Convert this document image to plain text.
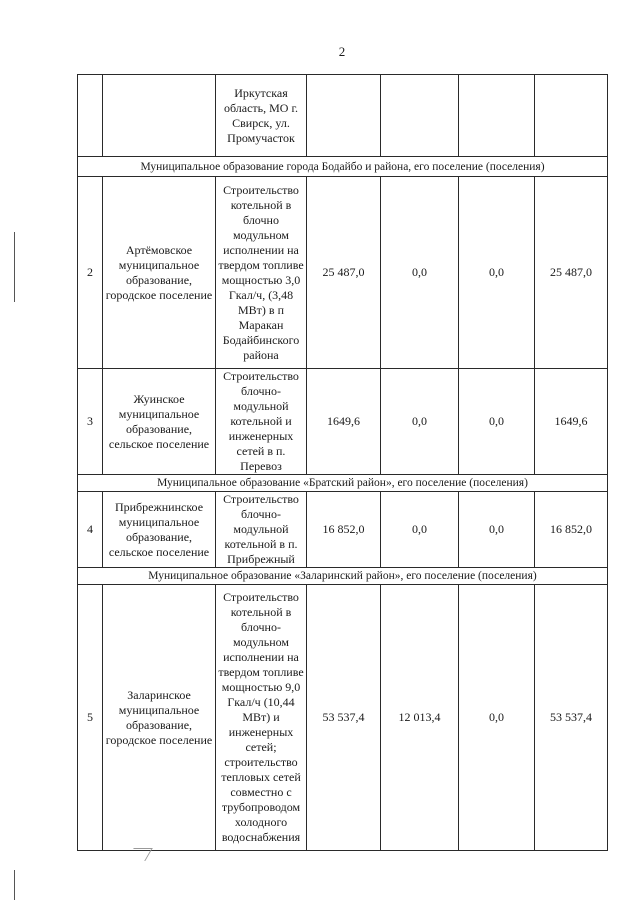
2
		Иркутская область, МО г. Свирск, ул. Промучасток				
Муниципальное образование города Бодайбо и района, его поселение (поселения)						
2	Артёмовское муниципальное образование, городское поселение	Строительство котельной в блочно модульном исполнении на твердом топливе мощностью 3,0 Гкал/ч, (3,48 МВт) в п Маракан Бодайбинского района	25 487,0	0,0	0,0	25 487,0
3	Жуинское муниципальное образование, сельское поселение	Строительство блочно-модульной котельной и инженерных сетей в п. Перевоз	1649,6	0,0	0,0	1649,6
Муниципальное образование «Братский район», его поселение (поселения)						
4	Прибрежнинское муниципальное образование, сельское поселение	Строительство блочно-модульной котельной в п. Прибрежный	16 852,0	0,0	0,0	16 852,0
Муниципальное образование «Заларинский район», его поселение (поселения)						
5	Заларинское муниципальное образование, городское поселение	Строительство котельной в блочно-модульном исполнении на твердом топливе мощностью 9,0 Гкал/ч (10,44 МВт) и инженерных сетей; строительство тепловых сетей совместно с трубопроводом холодного водоснабжения	53 537,4	12 013,4	0,0	53 537,4
